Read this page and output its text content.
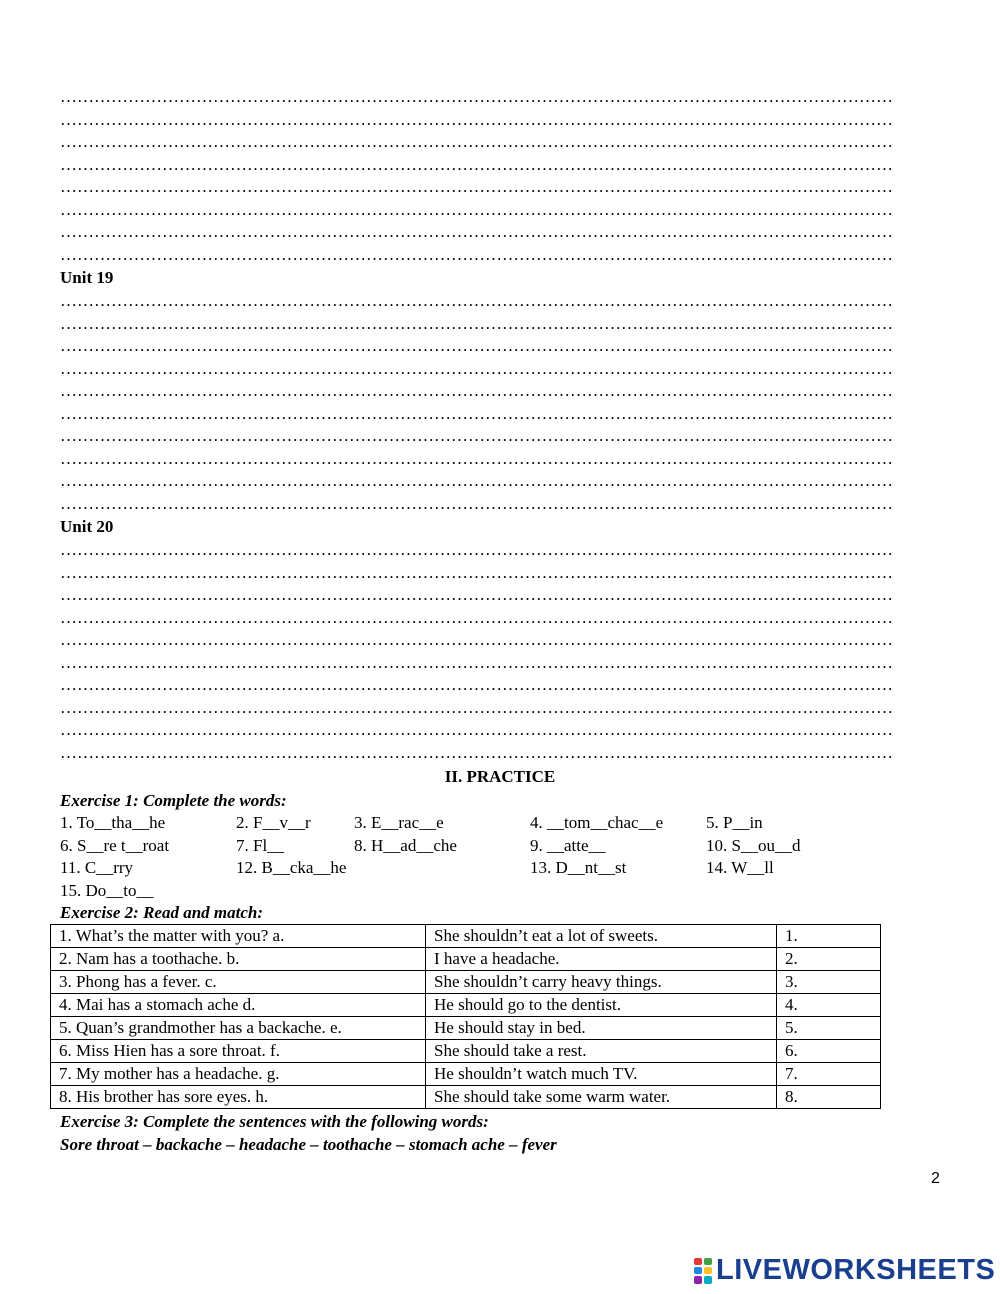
…………………………………………………………………………………………………………………………………
…………………………………………………………………………………………………………………………………
…………………………………………………………………………………………………………………………………
…………………………………………………………………………………………………………………………………
…………………………………………………………………………………………………………………………………
…………………………………………………………………………………………………………………………………
…………………………………………………………………………………………………………………………………
…………………………………………………………………………………………………………………………………
Unit 19
…………………………………………………………………………………………………………………………………
…………………………………………………………………………………………………………………………………
…………………………………………………………………………………………………………………………………
…………………………………………………………………………………………………………………………………
…………………………………………………………………………………………………………………………………
…………………………………………………………………………………………………………………………………
…………………………………………………………………………………………………………………………………
…………………………………………………………………………………………………………………………………
…………………………………………………………………………………………………………………………………
…………………………………………………………………………………………………………………………………
Unit 20
…………………………………………………………………………………………………………………………………
…………………………………………………………………………………………………………………………………
…………………………………………………………………………………………………………………………………
…………………………………………………………………………………………………………………………………
…………………………………………………………………………………………………………………………………
…………………………………………………………………………………………………………………………………
…………………………………………………………………………………………………………………………………
…………………………………………………………………………………………………………………………………
…………………………………………………………………………………………………………………………………
…………………………………………………………………………………………………………………………………
II. PRACTICE
Exercise 1: Complete the words:
1. To__tha__he	2. F__v__r	3. E__rac__e	4. __tom__chac__e	5. P__in
6. S__re t__roat	7. Fl__	8. H__ad__che	9. __atte__	10. S__ou__d
11. C__rry	12. B__cka__he	13. D__nt__st	14. W__ll
15. Do__to__
Exercise 2: Read and match:
1. What’s the matter with you? a.	She shouldn’t eat a lot of sweets.	1.
2. Nam has a toothache. b.	I have a headache.	2.
3. Phong has a fever. c.	She shouldn’t carry heavy things.	3.
4. Mai has a stomach ache d.	He should go to the dentist.	4.
5. Quan’s grandmother has a backache. e.	He should stay in bed.	5.
6. Miss Hien has a sore throat. f.	She should take a rest.	6.
7. My mother has a headache. g.	He shouldn’t watch much TV.	7.
8. His brother has sore eyes. h.	She should take some warm water.	8.
Exercise 3: Complete the sentences with the following words:
Sore throat – backache – headache – toothache – stomach ache – fever
2
LIVEWORKSHEETS
